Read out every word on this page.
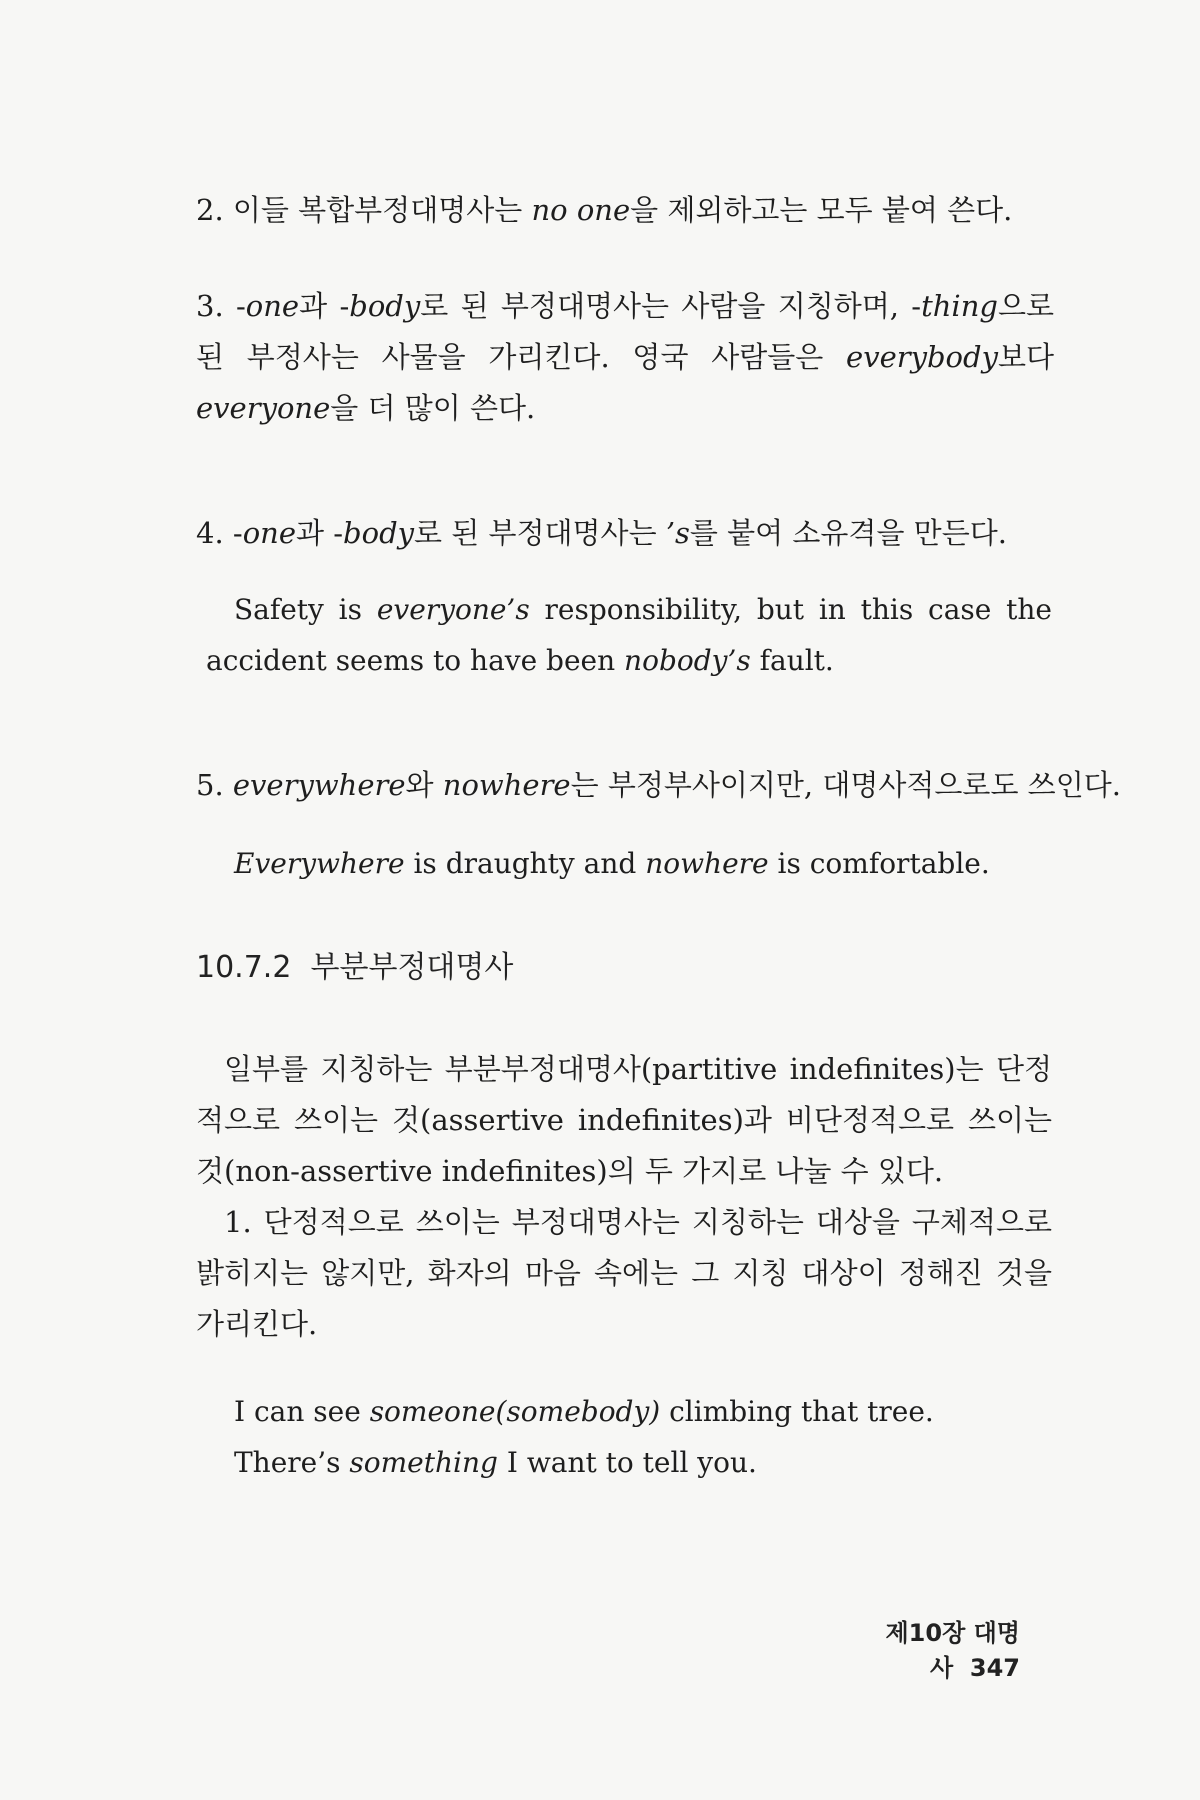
2. 이들 복합부정대명사는 no one을 제외하고는 모두 붙여 쓴다.
3. -one과 -body로 된 부정대명사는 사람을 지칭하며, -thing으로 된 부정사는 사물을 가리킨다. 영국 사람들은 everybody보다 everyone을 더 많이 쓴다.
4. -one과 -body로 된 부정대명사는 ’s를 붙여 소유격을 만든다.
Safety is everyone’s responsibility, but in this case the accident seems to have been nobody’s fault.
5. everywhere와 nowhere는 부정부사이지만, 대명사적으로도 쓰인다.
Everywhere is draughty and nowhere is comfortable.
10.7.2 부분부정대명사
일부를 지칭하는 부분부정대명사(partitive indefinites)는 단정적으로 쓰이는 것(assertive indefinites)과 비단정적으로 쓰이는 것(non-assertive indefinites)의 두 가지로 나눌 수 있다.
1. 단정적으로 쓰이는 부정대명사는 지칭하는 대상을 구체적으로 밝히지는 않지만, 화자의 마음 속에는 그 지칭 대상이 정해진 것을 가리킨다.
I can see someone(somebody) climbing that tree.
There’s something I want to tell you.
제10장 대명사 347
